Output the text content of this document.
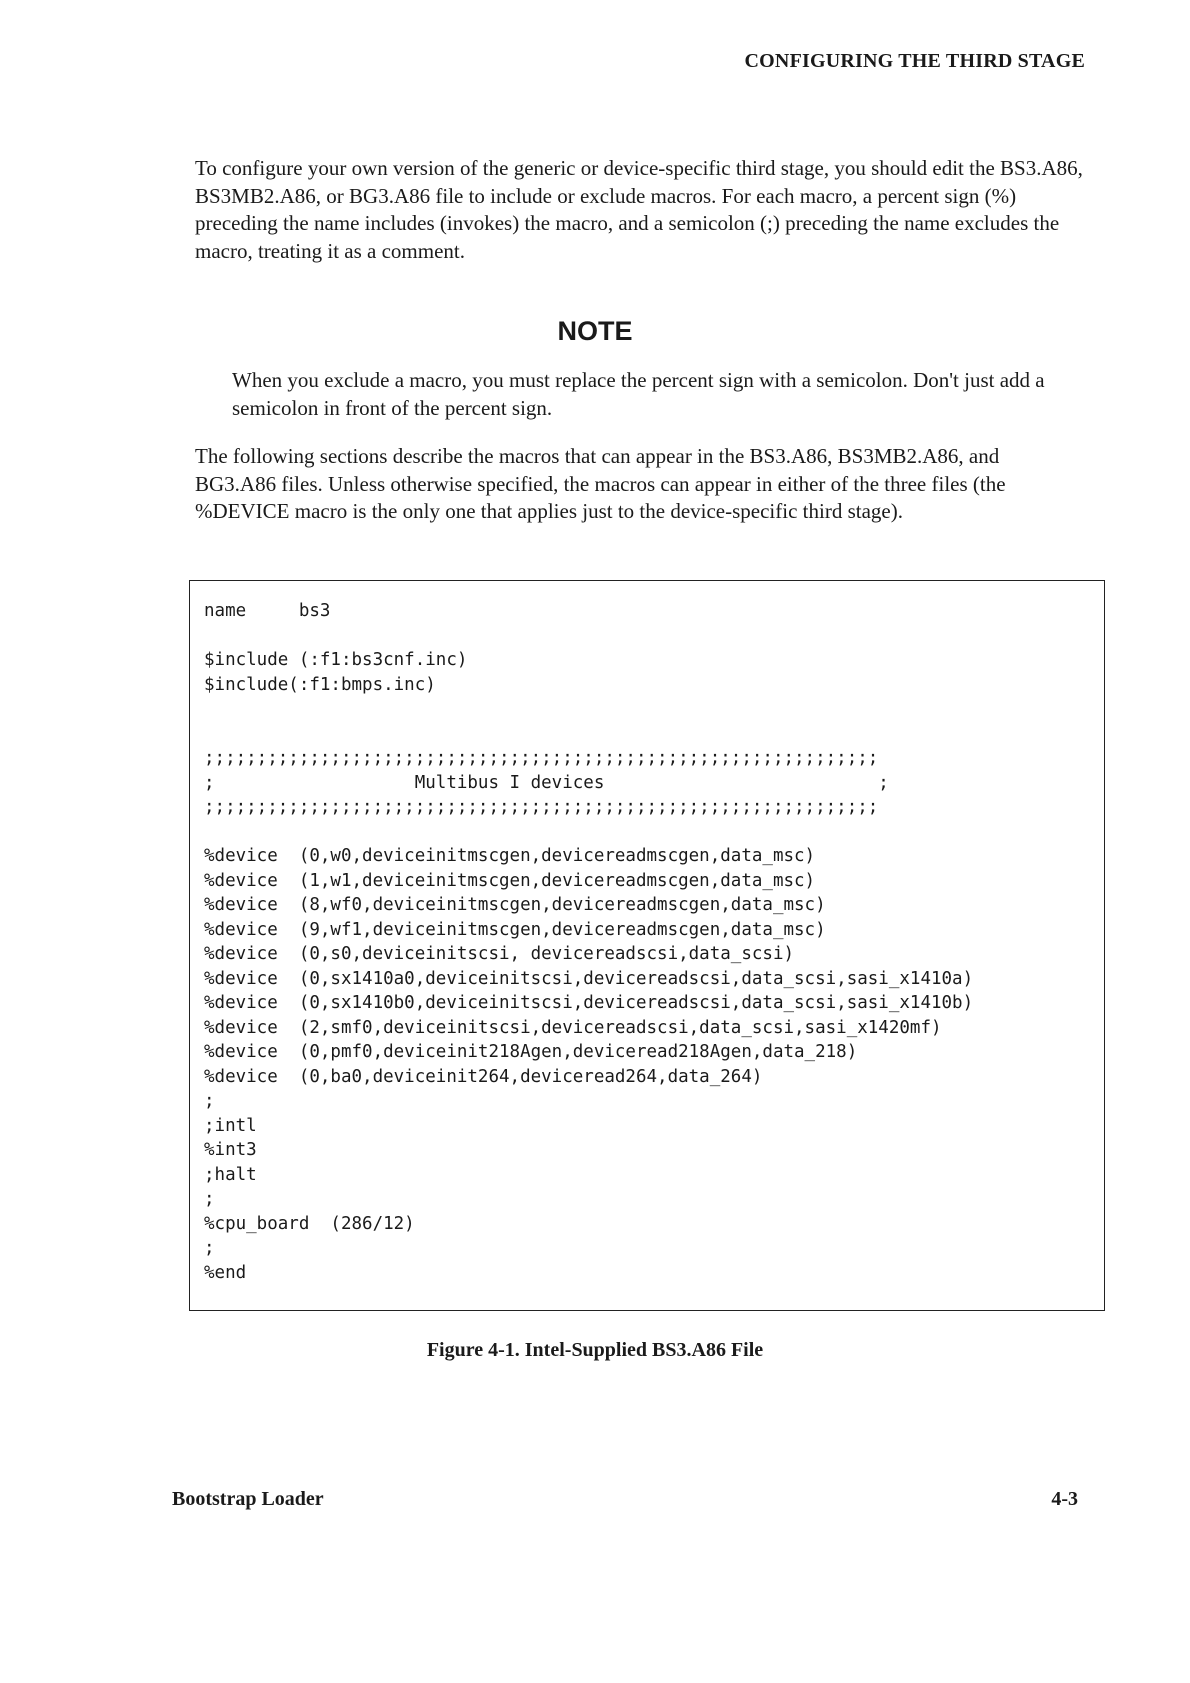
CONFIGURING THE THIRD STAGE

To configure your own version of the generic or device-specific third stage, you should edit the BS3.A86, BS3MB2.A86, or BG3.A86 file to include or exclude macros. For each macro, a percent sign (%) preceding the name includes (invokes) the macro, and a semicolon (;) preceding the name excludes the macro, treating it as a comment.

NOTE

When you exclude a macro, you must replace the percent sign with a semicolon. Don't just add a semicolon in front of the percent sign.

The following sections describe the macros that can appear in the BS3.A86, BS3MB2.A86, and BG3.A86 files. Unless otherwise specified, the macros can appear in either of the three files (the %DEVICE macro is the only one that applies just to the device-specific third stage).

name     bs3

$include (:f1:bs3cnf.inc)
$include(:f1:bmps.inc)

;;;;;;;;;;;;;;;;;;;;;;;;;;;;;;;;;;;;;;;;;;;;;;;;;;;;;;;;;;;;;;;;
;                   Multibus I devices                          ;
;;;;;;;;;;;;;;;;;;;;;;;;;;;;;;;;;;;;;;;;;;;;;;;;;;;;;;;;;;;;;;;;

%device  (0,w0,deviceinitmscgen,devicereadmscgen,data_msc)
%device  (1,w1,deviceinitmscgen,devicereadmscgen,data_msc)
%device  (8,wf0,deviceinitmscgen,devicereadmscgen,data_msc)
%device  (9,wf1,deviceinitmscgen,devicereadmscgen,data_msc)
%device  (0,s0,deviceinitscsi, devicereadscsi,data_scsi)
%device  (0,sx1410a0,deviceinitscsi,devicereadscsi,data_scsi,sasi_x1410a)
%device  (0,sx1410b0,deviceinitscsi,devicereadscsi,data_scsi,sasi_x1410b)
%device  (2,smf0,deviceinitscsi,devicereadscsi,data_scsi,sasi_x1420mf)
%device  (0,pmf0,deviceinit218Agen,deviceread218Agen,data_218)
%device  (0,ba0,deviceinit264,deviceread264,data_264)
;
;intl
%int3
;halt
;
%cpu_board  (286/12)
;
%end
Figure 4-1. Intel-Supplied BS3.A86 File
Bootstrap Loader	4-3
